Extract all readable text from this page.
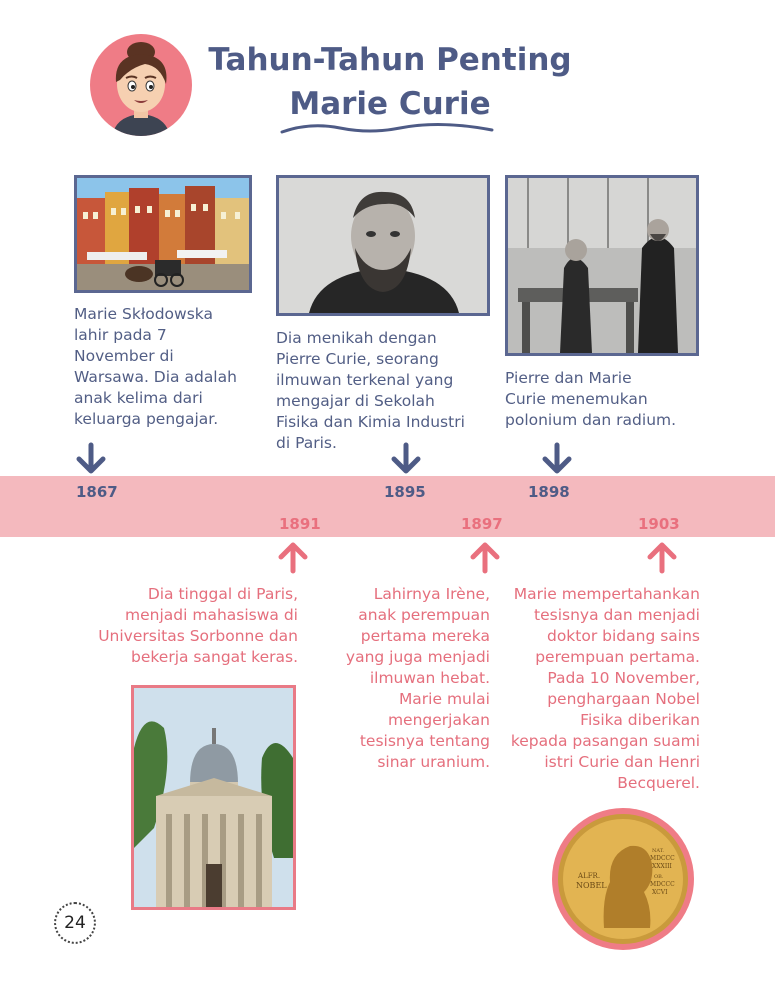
Tahun-Tahun Penting
Marie Curie
Marie Skłodowska
lahir pada 7
November di
Warsawa. Dia adalah
anak kelima dari
keluarga pengajar.
Dia menikah dengan
Pierre Curie, seorang
ilmuwan terkenal yang
mengajar di Sekolah
Fisika dan Kimia Industri
di Paris.
Pierre dan Marie
Curie menemukan
polonium dan radium.
1867	1895	1898
1891	1897	1903
Dia tinggal di Paris,
menjadi mahasiswa di
Universitas Sorbonne dan
bekerja sangat keras.
Lahirnya Irène,
anak perempuan
pertama mereka
yang juga menjadi
ilmuwan hebat.
Marie mulai
mengerjakan
tesisnya tentang
sinar uranium.
Marie mempertahankan
tesisnya dan menjadi
doktor bidang sains
perempuan pertama.
Pada 10 November,
penghargaan Nobel
Fisika diberikan
kepada pasangan suami
istri Curie dan Henri
Becquerel.
ALFR.
NOBEL
NAT.
MDCCC
XXXIII
OB.
MDCCC
XCVI
24
